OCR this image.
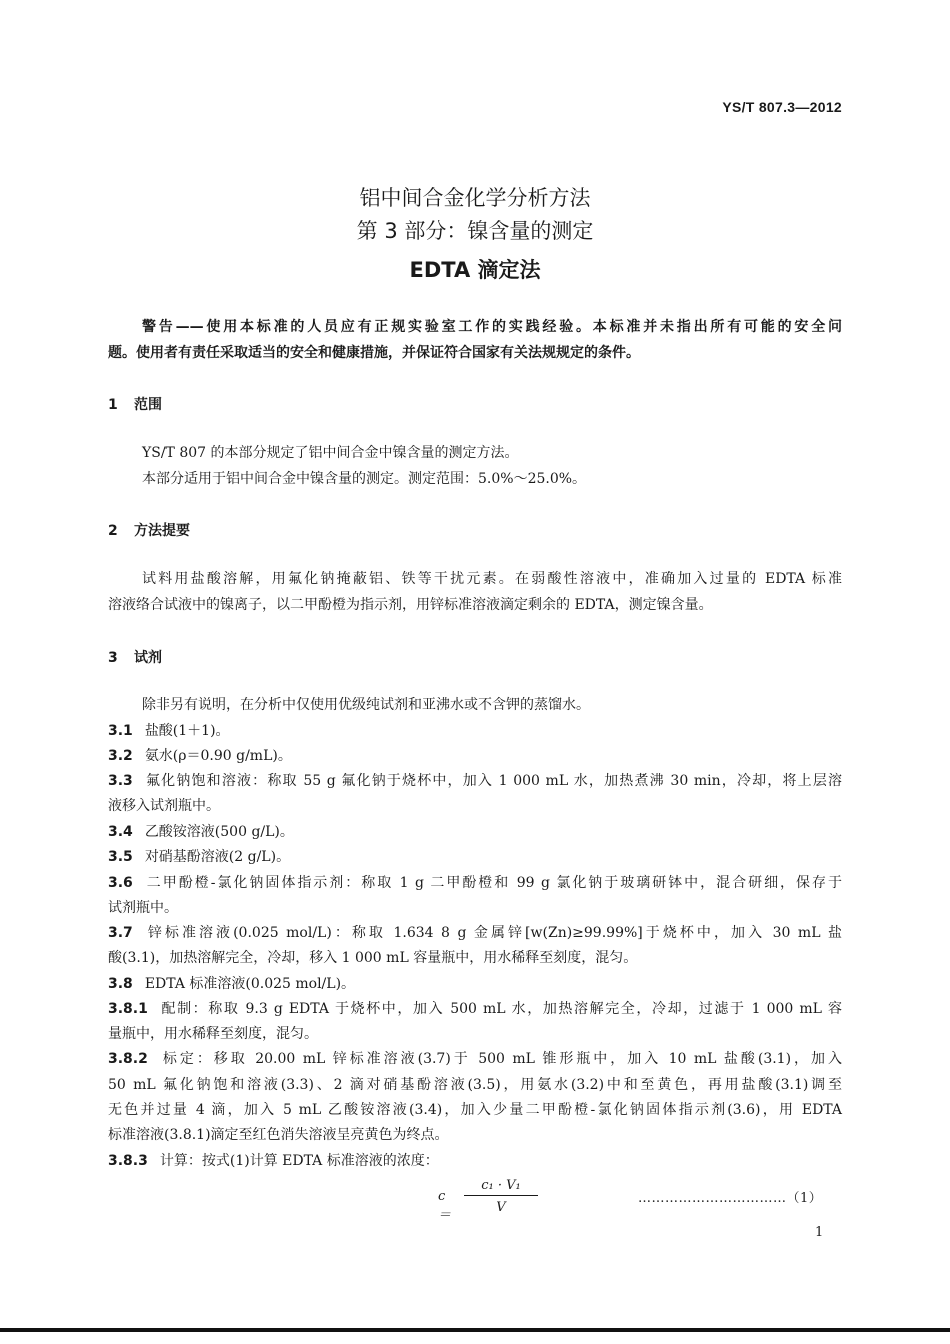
YS/T 807.3—2012
铝中间合金化学分析方法
第 3 部分：镍含量的测定
EDTA 滴定法
警告——使用本标准的人员应有正规实验室工作的实践经验。本标准并未指出所有可能的安全问
题。使用者有责任采取适当的安全和健康措施，并保证符合国家有关法规规定的条件。
1 范围
YS/T 807 的本部分规定了铝中间合金中镍含量的测定方法。
本部分适用于铝中间合金中镍含量的测定。测定范围：5.0%～25.0%。
2 方法提要
试料用盐酸溶解，用氟化钠掩蔽铝、铁等干扰元素。在弱酸性溶液中，准确加入过量的 EDTA 标准
溶液络合试液中的镍离子，以二甲酚橙为指示剂，用锌标准溶液滴定剩余的 EDTA，测定镍含量。
3 试剂
除非另有说明，在分析中仅使用优级纯试剂和亚沸水或不含钾的蒸馏水。
3.1 盐酸(1＋1)。
3.2 氨水(ρ＝0.90 g/mL)。
3.3 氟化钠饱和溶液：称取 55 g 氟化钠于烧杯中，加入 1 000 mL 水，加热煮沸 30 min，冷却，将上层溶
液移入试剂瓶中。
3.4 乙酸铵溶液(500 g/L)。
3.5 对硝基酚溶液(2 g/L)。
3.6 二甲酚橙-氯化钠固体指示剂：称取 1 g 二甲酚橙和 99 g 氯化钠于玻璃研钵中，混合研细，保存于
试剂瓶中。
3.7 锌标准溶液(0.025 mol/L)：称取 1.634 8 g 金属锌[w(Zn)≥99.99%]于烧杯中，加入 30 mL 盐
酸(3.1)，加热溶解完全，冷却，移入 1 000 mL 容量瓶中，用水稀释至刻度，混匀。
3.8 EDTA 标准溶液(0.025 mol/L)。
3.8.1 配制：称取 9.3 g EDTA 于烧杯中，加入 500 mL 水，加热溶解完全，冷却，过滤于 1 000 mL 容
量瓶中，用水稀释至刻度，混匀。
3.8.2 标定：移取 20.00 mL 锌标准溶液(3.7)于 500 mL 锥形瓶中，加入 10 mL 盐酸(3.1)，加入
50 mL 氟化钠饱和溶液(3.3)、2 滴对硝基酚溶液(3.5)，用氨水(3.2)中和至黄色，再用盐酸(3.1)调至
无色并过量 4 滴，加入 5 mL 乙酸铵溶液(3.4)，加入少量二甲酚橙-氯化钠固体指示剂(3.6)，用 EDTA
标准溶液(3.8.1)滴定至红色消失溶液呈亮黄色为终点。
3.8.3 计算：按式(1)计算 EDTA 标准溶液的浓度：
c＝
c₁ · V₁
V
……………………………（1）
1
